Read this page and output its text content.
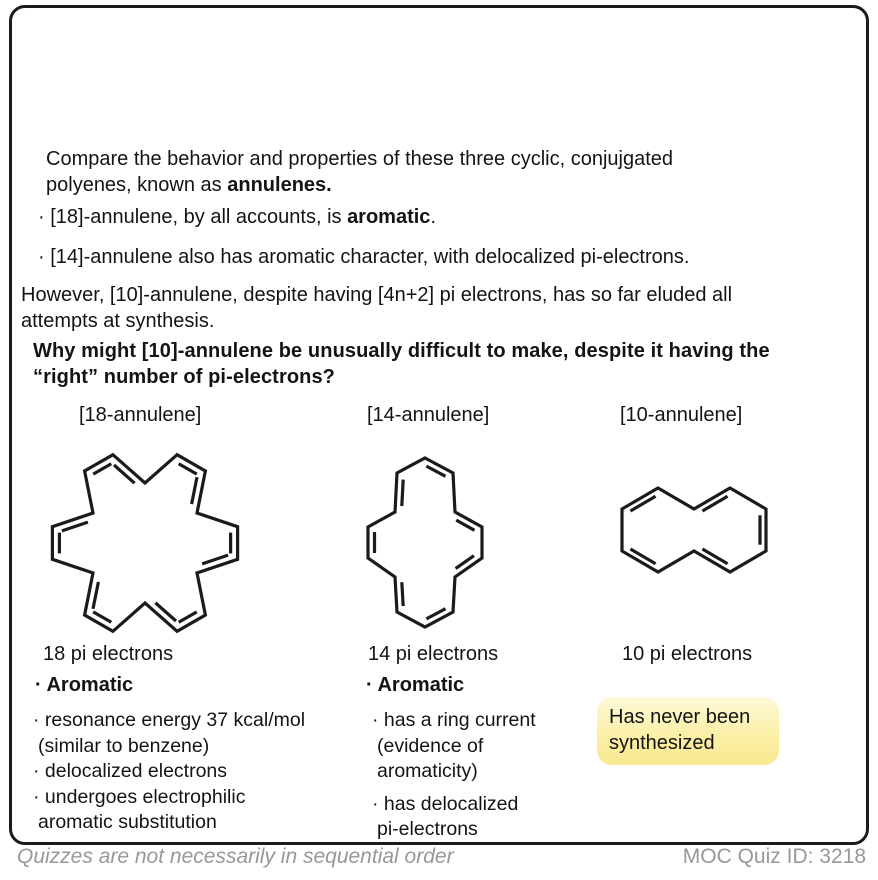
Compare the behavior and properties of these three cyclic, conjujgated
polyenes, known as annulenes.
· [18]-annulene, by all accounts, is aromatic.
· [14]-annulene also has aromatic character, with delocalized pi-electrons.
However, [10]-annulene, despite having [4n+2] pi electrons, has so far eluded all
attempts at synthesis.
Why might [10]-annulene be unusually difficult to make, despite it having the
“right” number of pi-electrons?
[18-annulene]	[14-annulene]	[10-annulene]
18 pi electrons	14 pi electrons	10 pi electrons
· Aromatic	· Aromatic
· resonance energy 37 kcal/mol
(similar to benzene)
· delocalized electrons
· undergoes electrophilic
aromatic substitution
· has a ring current
(evidence of
aromaticity)
· has delocalized
pi-electrons
Has never been
synthesized
Quizzes are not necessarily in sequential order	MOC Quiz ID: 3218
